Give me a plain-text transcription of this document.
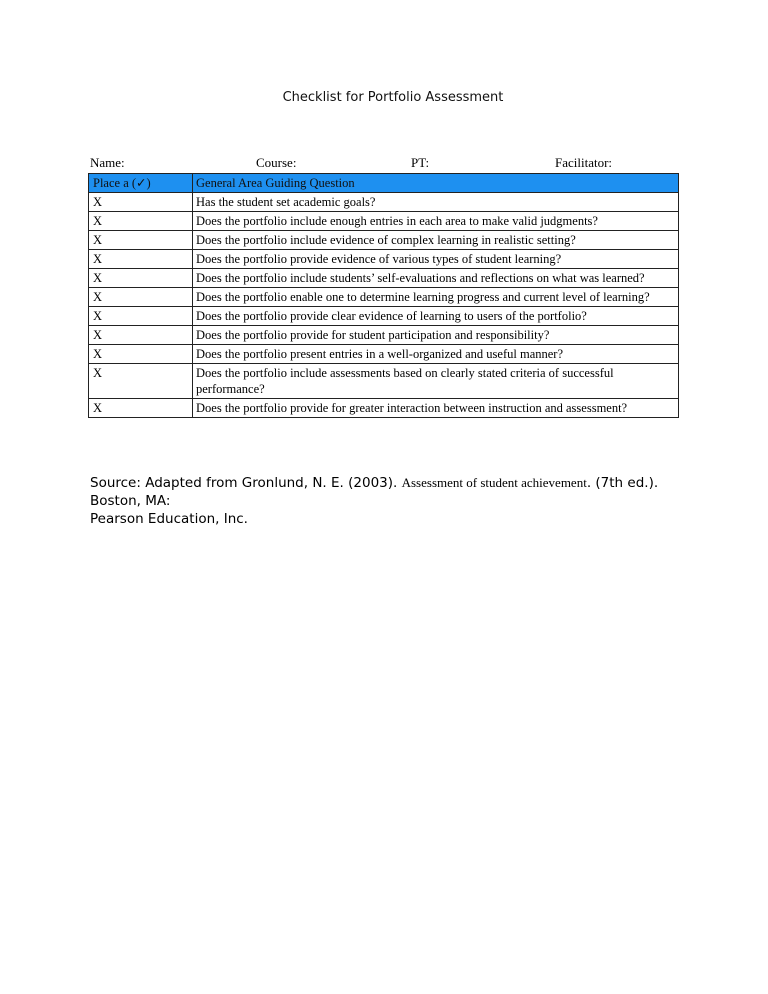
Checklist for Portfolio Assessment
Name:	Course:	PT:	Facilitator:
Place a (✓)	General Area Guiding Question
X	Has the student set academic goals?
X	Does the portfolio include enough entries in each area to make valid judgments?
X	Does the portfolio include evidence of complex learning in realistic setting?
X	Does the portfolio provide evidence of various types of student learning?
X	Does the portfolio include students’ self-evaluations and reflections on what was learned?
X	Does the portfolio enable one to determine learning progress and current level of learning?
X	Does the portfolio provide clear evidence of learning to users of the portfolio?
X	Does the portfolio provide for student participation and responsibility?
X	Does the portfolio present entries in a well-organized and useful manner?
X	Does the portfolio include assessments based on clearly stated criteria of successful performance?
X	Does the portfolio provide for greater interaction between instruction and assessment?
Source: Adapted from Gronlund, N. E. (2003). Assessment of student achievement. (7th ed.). Boston, MA:
Pearson Education, Inc.
